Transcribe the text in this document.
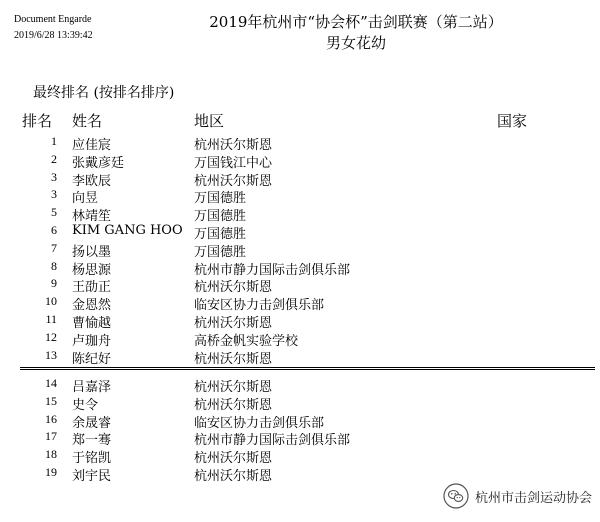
Document Engarde
2019/6/28 13:39:42
2019年杭州市“协会杯”击剑联赛（第二站）
男女花幼
最终排名 (按排名排序)
排名 姓名	地区	国家
1 应佳宸	杭州沃尔斯恩
2 张戴彦廷	万国钱江中心
3 李欧辰	杭州沃尔斯恩
3 向昱	万国德胜
5 林靖笙	万国德胜
6 KIM GANG HOO 万国德胜
7 扬以墨	万国德胜
8 杨思源	杭州市静力国际击剑俱乐部
9 王劭正	杭州沃尔斯恩
10 金恩然	临安区协力击剑俱乐部
11 曹愉越	杭州沃尔斯恩
12 卢珈舟	高桥金帆实验学校
13 陈纪好	杭州沃尔斯恩
14 吕嘉泽	杭州沃尔斯恩
15 史令	杭州沃尔斯恩
16 余晟睿	临安区协力击剑俱乐部
17 郑一骞	杭州市静力国际击剑俱乐部
18 于铭凯	杭州沃尔斯恩
19 刘宇民	杭州沃尔斯恩
杭州市击剑运动协会
